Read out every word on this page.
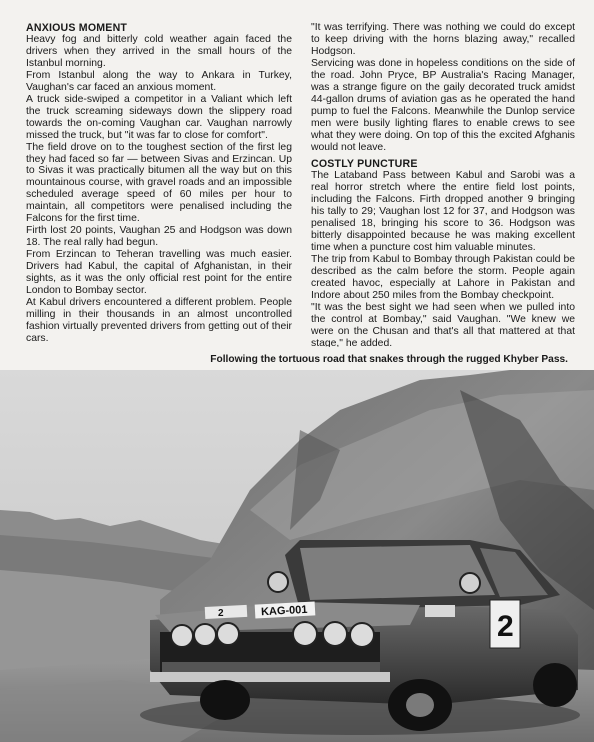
ANXIOUS MOMENT

Heavy fog and bitterly cold weather again faced the drivers when they arrived in the small hours of the Istanbul morning.

From Istanbul along the way to Ankara in Turkey, Vaughan's car faced an anxious moment.

A truck side-swiped a competitor in a Valiant which left the truck screaming sideways down the slippery road towards the on-coming Vaughan car. Vaughan narrowly missed the truck, but "it was far to close for comfort".

The field drove on to the toughest section of the first leg they had faced so far — between Sivas and Erzincan. Up to Sivas it was practically bitumen all the way but on this mountainous course, with gravel roads and an impossible scheduled average speed of 60 miles per hour to maintain, all competitors were penalised including the Falcons for the first time.

Firth lost 20 points, Vaughan 25 and Hodgson was down 18. The real rally had begun.

From Erzincan to Teheran travelling was much easier. Drivers had Kabul, the capital of Afghanistan, in their sights, as it was the only official rest point for the entire London to Bombay sector.

At Kabul drivers encountered a different problem. People milling in their thousands in an almost uncontrolled fashion virtually prevented drivers from getting out of their cars.

"It was terrifying. There was nothing we could do except to keep driving with the horns blazing away," recalled Hodgson.

Servicing was done in hopeless conditions on the side of the road. John Pryce, BP Australia's Racing Manager, was a strange figure on the gaily decorated truck amidst 44-gallon drums of aviation gas as he operated the hand pump to fuel the Falcons. Meanwhile the Dunlop service men were busily lighting flares to enable crews to see what they were doing. On top of this the excited Afghanis would not leave.

COSTLY PUNCTURE

The Lataband Pass between Kabul and Sarobi was a real horror stretch where the entire field lost points, including the Falcons. Firth dropped another 9 bringing his tally to 29; Vaughan lost 12 for 37, and Hodgson was penalised 18, bringing his score to 36. Hodgson was bitterly disappointed because he was making excellent time when a puncture cost him valuable minutes.

The trip from Kabul to Bombay through Pakistan could be described as the calm before the storm. People again created havoc, especially at Lahore in Pakistan and Indore about 250 miles from the Bombay checkpoint.

"It was the best sight we had seen when we pulled into the control at Bombay," said Vaughan. "We knew we were on the Chusan and that's all that mattered at that stage," he added.

Following the tortuous road that snakes through the rugged Khyber Pass.
KAG-001
2	2
